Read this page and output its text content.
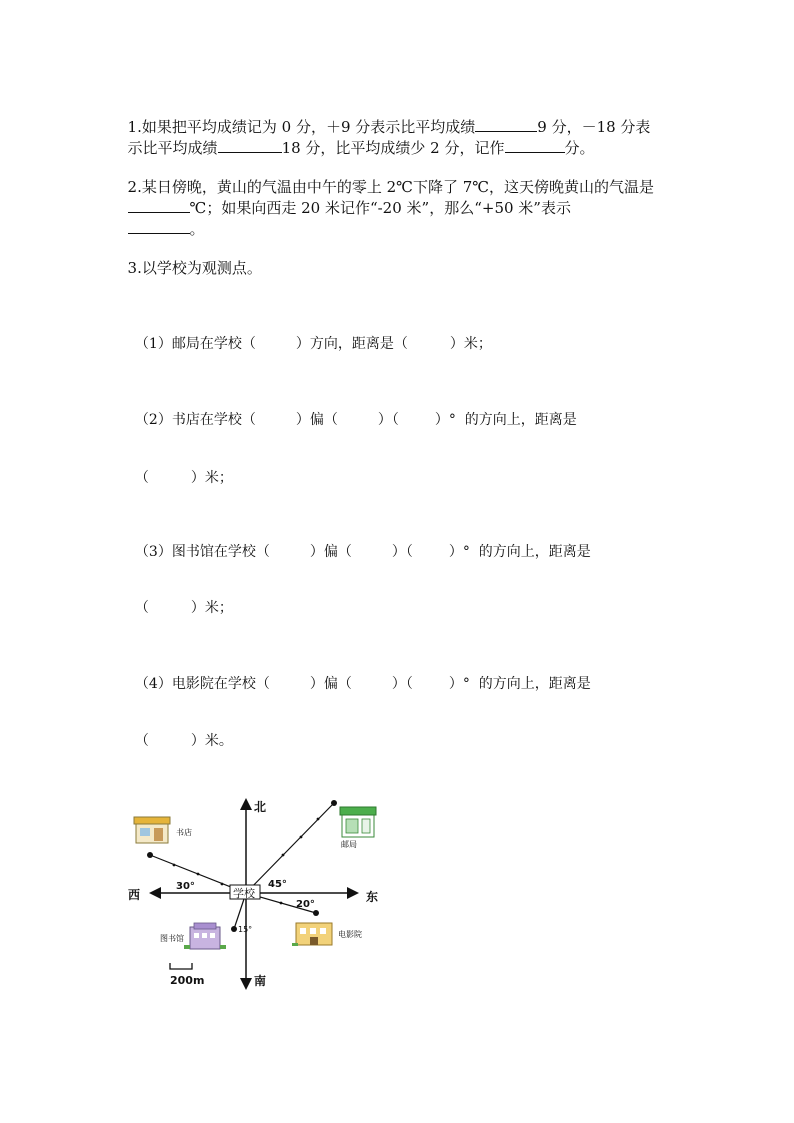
1.如果把平均成绩记为 0 分，＋9 分表示比平均成绩	9 分，－18 分表

示比平均成绩	18 分，比平均成绩少 2 分，记作	分。

2.某日傍晚，黄山的气温由中午的零上 2℃下降了 7℃，这天傍晚黄山的气温是

℃；如果向西走 20 米记作“-20 米”，那么“+50 米”表示

。

3.以学校为观测点。

（1）邮局在学校（	）方向，距离是（	）米；

（2）书店在学校（	）偏（	）（	）°  的方向上，距离是

（	）米；

（3）图书馆在学校（	）偏（	）（	）°  的方向上，距离是

（	）米；

（4）电影院在学校（	）偏（	）（	）°  的方向上，距离是

（	）米。

学校
北
南
东
西
30°	45°
20°
15°
书店
邮局
图书馆	电影院
200m
